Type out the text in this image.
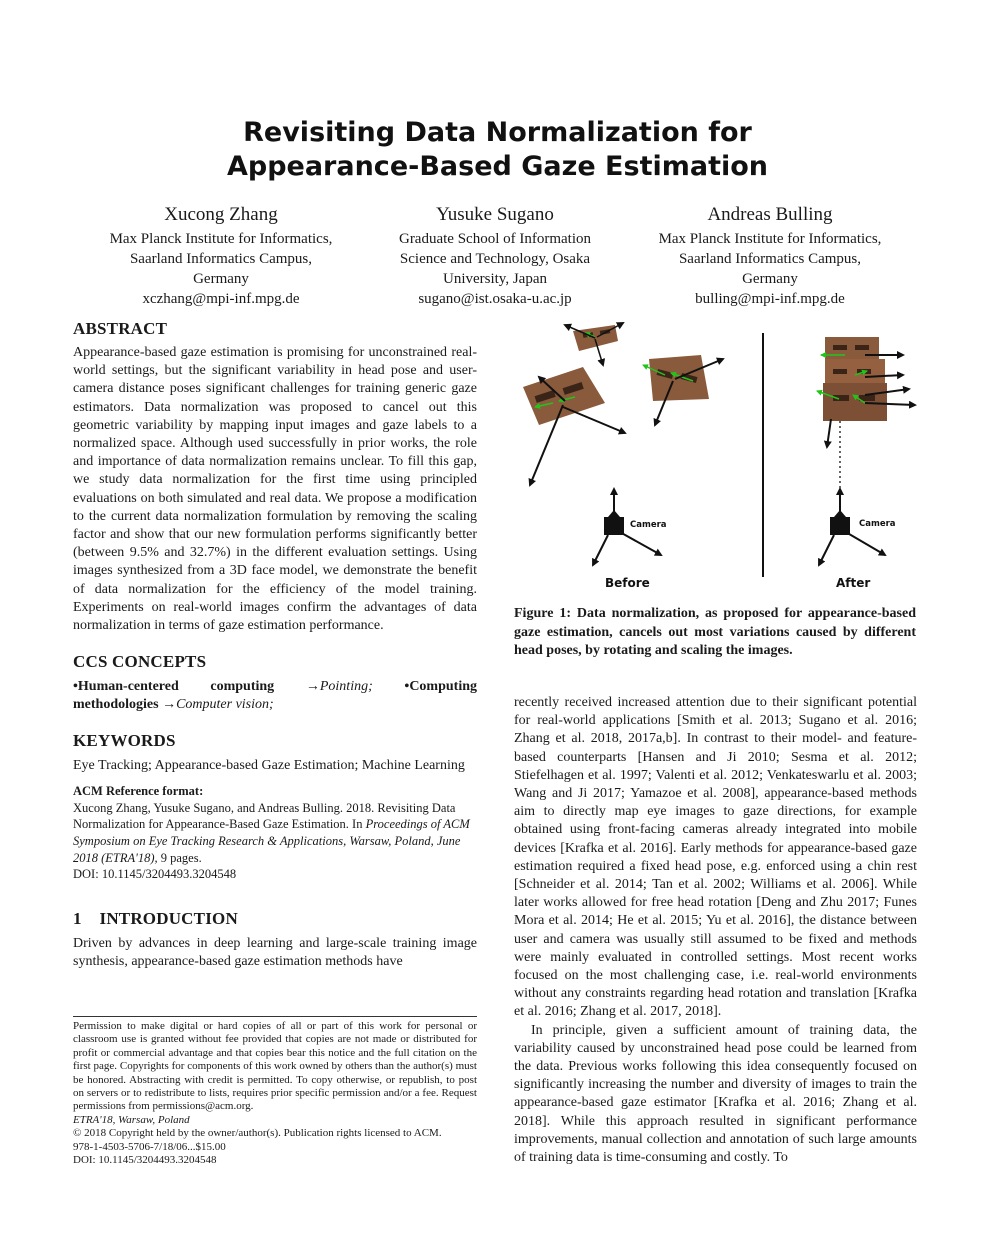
Revisiting Data Normalization for
Appearance-Based Gaze Estimation
Xucong Zhang
Max Planck Institute for Informatics,
Saarland Informatics Campus,
Germany
xczhang@mpi-inf.mpg.de
Yusuke Sugano
Graduate School of Information
Science and Technology, Osaka
University, Japan
sugano@ist.osaka-u.ac.jp
Andreas Bulling
Max Planck Institute for Informatics,
Saarland Informatics Campus,
Germany
bulling@mpi-inf.mpg.de
ABSTRACT

Appearance-based gaze estimation is promising for unconstrained real-world settings, but the significant variability in head pose and user-camera distance poses significant challenges for training generic gaze estimators. Data normalization was proposed to cancel out this geometric variability by mapping input images and gaze labels to a normalized space. Although used successfully in prior works, the role and importance of data normalization remains unclear. To fill this gap, we study data normalization for the first time using principled evaluations on both simulated and real data. We propose a modification to the current data normalization formulation by removing the scaling factor and show that our new formulation performs significantly better (between 9.5% and 32.7%) in the different evaluation settings. Using images synthesized from a 3D face model, we demonstrate the benefit of data normalization for the efficiency of the model training. Experiments on real-world images confirm the advantages of data normalization in terms of gaze estimation performance.

CCS CONCEPTS

•Human-centered computing →Pointing; •Computing methodologies →Computer vision;

KEYWORDS

Eye Tracking; Appearance-based Gaze Estimation; Machine Learning

ACM Reference format:

Xucong Zhang, Yusuke Sugano, and Andreas Bulling. 2018. Revisiting Data Normalization for Appearance-Based Gaze Estimation. In Proceedings of ACM Symposium on Eye Tracking Research & Applications, Warsaw, Poland, June 2018 (ETRA'18), 9 pages.

DOI: 10.1145/3204493.3204548

1    INTRODUCTION

Driven by advances in deep learning and large-scale training image synthesis, appearance-based gaze estimation methods have

Permission to make digital or hard copies of all or part of this work for personal or classroom use is granted without fee provided that copies are not made or distributed for profit or commercial advantage and that copies bear this notice and the full citation on the first page. Copyrights for components of this work owned by others than the author(s) must be honored. Abstracting with credit is permitted. To copy otherwise, or republish, to post on servers or to redistribute to lists, requires prior specific permission and/or a fee. Request permissions from permissions@acm.org.

ETRA'18, Warsaw, Poland

© 2018 Copyright held by the owner/author(s). Publication rights licensed to ACM.

978-1-4503-5706-7/18/06...$15.00

DOI: 10.1145/3204493.3204548

Camera
Before
Camera
After
Figure 1: Data normalization, as proposed for appearance-based gaze estimation, cancels out most variations caused by different head poses, by rotating and scaling the images.

recently received increased attention due to their significant potential for real-world applications [Smith et al. 2013; Sugano et al. 2016; Zhang et al. 2018, 2017a,b]. In contrast to their model- and feature-based counterparts [Hansen and Ji 2010; Sesma et al. 2012; Stiefelhagen et al. 1997; Valenti et al. 2012; Venkateswarlu et al. 2003; Wang and Ji 2017; Yamazoe et al. 2008], appearance-based methods aim to directly map eye images to gaze directions, for example obtained using front-facing cameras already integrated into mobile devices [Krafka et al. 2016]. Early methods for appearance-based gaze estimation required a fixed head pose, e.g. enforced using a chin rest [Schneider et al. 2014; Tan et al. 2002; Williams et al. 2006]. While later works allowed for free head rotation [Deng and Zhu 2017; Funes Mora et al. 2014; He et al. 2015; Yu et al. 2016], the distance between user and camera was usually still assumed to be fixed and methods were mainly evaluated in controlled settings. Most recent works focused on the most challenging case, i.e. real-world environments without any constraints regarding head rotation and translation [Krafka et al. 2016; Zhang et al. 2017, 2018].

In principle, given a sufficient amount of training data, the variability caused by unconstrained head pose could be learned from the data. Previous works following this idea consequently focused on significantly increasing the number and diversity of images to train the appearance-based gaze estimator [Krafka et al. 2016; Zhang et al. 2018]. While this approach resulted in significant performance improvements, manual collection and annotation of such large amounts of training data is time-consuming and costly. To
